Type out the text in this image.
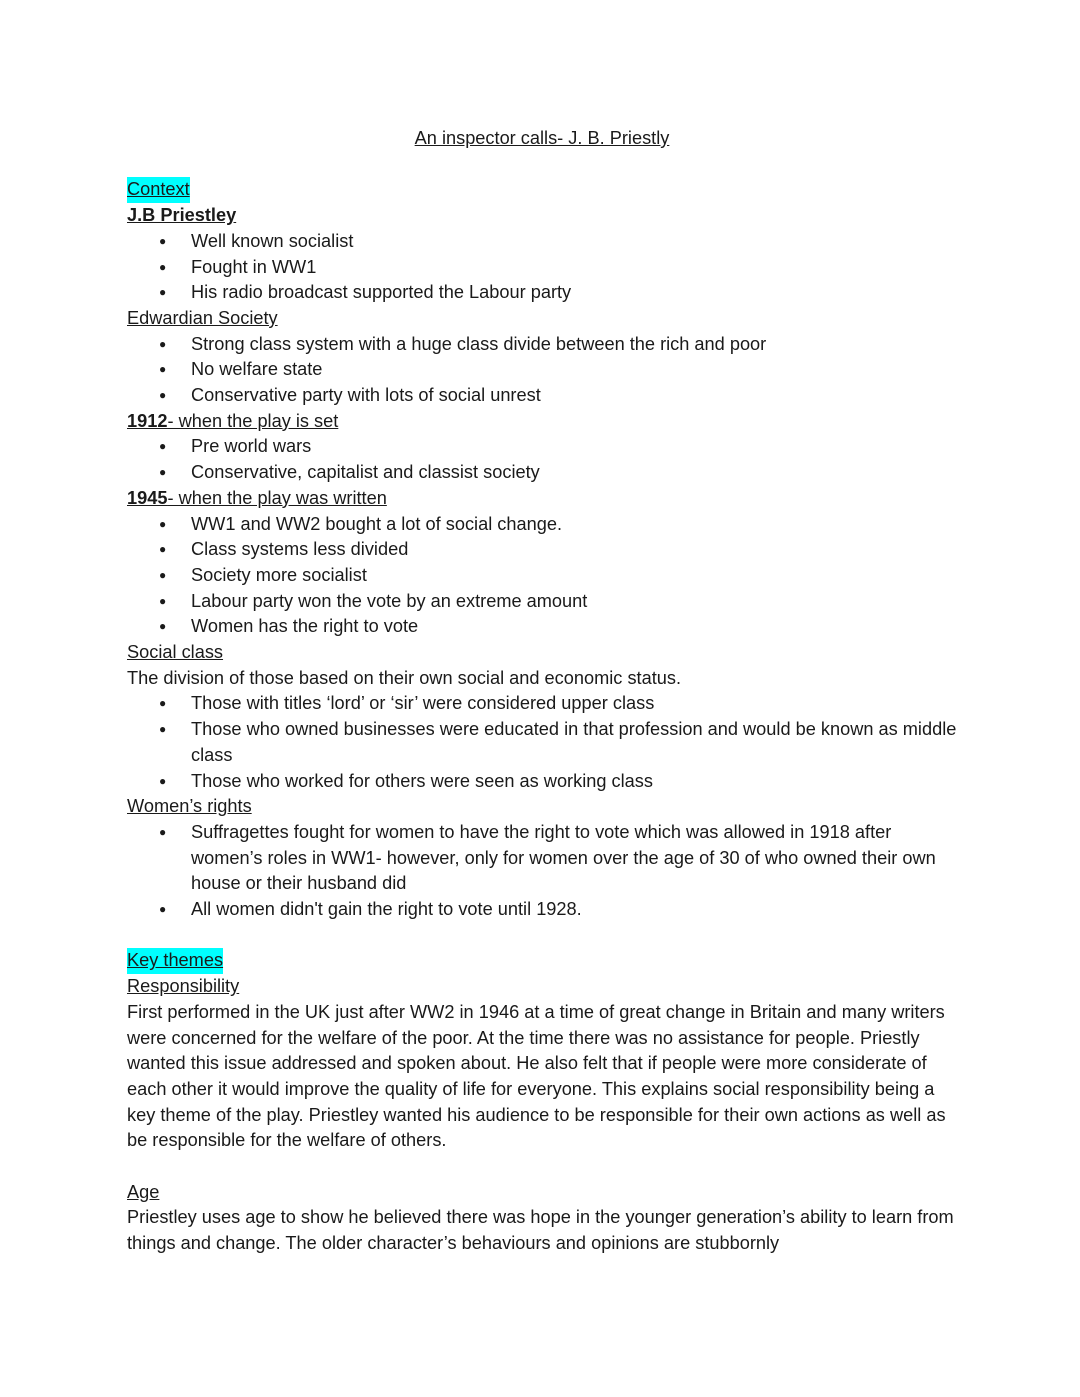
An inspector calls- J. B. Priestly

Context

J.B Priestley

● Well known socialist
● Fought in WW1
● His radio broadcast supported the Labour party

Edwardian Society

● Strong class system with a huge class divide between the rich and poor
● No welfare state
● Conservative party with lots of social unrest

1912- when the play is set

● Pre world wars
● Conservative, capitalist and classist society

1945- when the play was written

● WW1 and WW2 bought a lot of social change.
● Class systems less divided
● Society more socialist
● Labour party won the vote by an extreme amount
● Women has the right to vote

Social class

The division of those based on their own social and economic status.

● Those with titles ‘lord’ or ‘sir’ were considered upper class
● Those who owned businesses were educated in that profession and would be known as middle class
● Those who worked for others were seen as working class

Women’s rights

● Suffragettes fought for women to have the right to vote which was allowed in 1918 after women’s roles in WW1- however, only for women over the age of 30 of who owned their own house or their husband did
● All women didn't gain the right to vote until 1928.
Key themes

Responsibility

First performed in the UK just after WW2 in 1946 at a time of great change in Britain and many writers were concerned for the welfare of the poor. At the time there was no assistance for people. Priestly wanted this issue addressed and spoken about. He also felt that if people were more considerate of each other it would improve the quality of life for everyone. This explains social responsibility being a key theme of the play. Priestley wanted his audience to be responsible for their own actions as well as be responsible for the welfare of others.

Age

Priestley uses age to show he believed there was hope in the younger generation’s ability to learn from things and change. The older character’s behaviours and opinions are stubbornly
